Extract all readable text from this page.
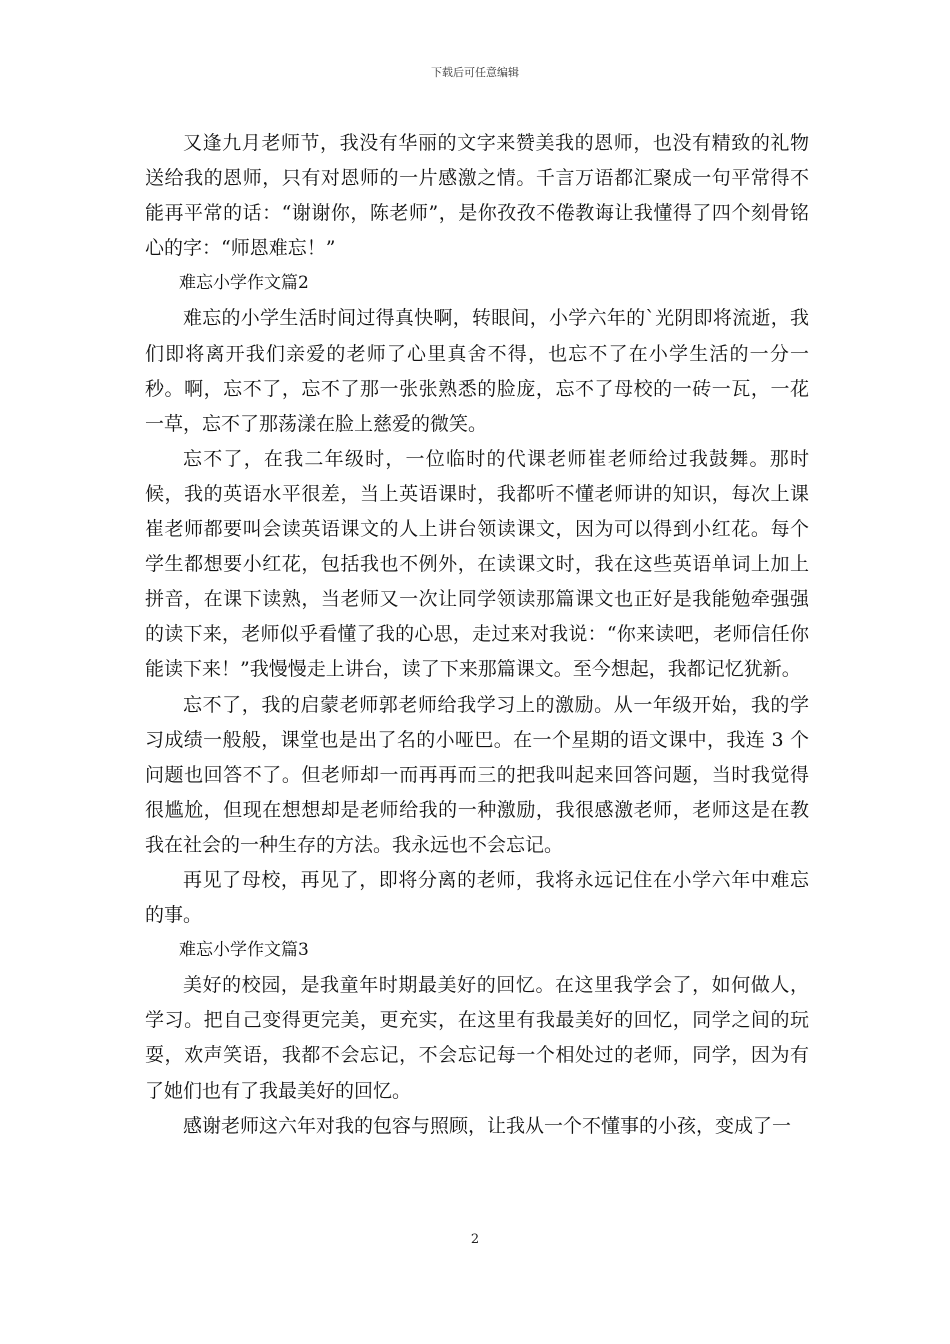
下载后可任意编辑

又逢九月老师节，我没有华丽的文字来赞美我的恩师，也没有精致的礼物送给我的恩师，只有对恩师的一片感激之情。千言万语都汇聚成一句平常得不能再平常的话：“谢谢你，陈老师”，是你孜孜不倦教诲让我懂得了四个刻骨铭心的字：“师恩难忘！”

难忘小学作文篇2

难忘的小学生活时间过得真快啊，转眼间，小学六年的`光阴即将流逝，我们即将离开我们亲爱的老师了心里真舍不得，也忘不了在小学生活的一分一秒。啊，忘不了，忘不了那一张张熟悉的脸庞，忘不了母校的一砖一瓦，一花一草，忘不了那荡漾在脸上慈爱的微笑。

忘不了，在我二年级时，一位临时的代课老师崔老师给过我鼓舞。那时候，我的英语水平很差，当上英语课时，我都听不懂老师讲的知识，每次上课崔老师都要叫会读英语课文的人上讲台领读课文，因为可以得到小红花。每个学生都想要小红花，包括我也不例外，在读课文时，我在这些英语单词上加上拼音，在课下读熟，当老师又一次让同学领读那篇课文也正好是我能勉牵强强的读下来，老师似乎看懂了我的心思，走过来对我说：“你来读吧，老师信任你能读下来！”我慢慢走上讲台，读了下来那篇课文。至今想起，我都记忆犹新。

忘不了，我的启蒙老师郭老师给我学习上的激励。从一年级开始，我的学习成绩一般般，课堂也是出了名的小哑巴。在一个星期的语文课中，我连 3 个问题也回答不了。但老师却一而再再而三的把我叫起来回答问题，当时我觉得很尴尬，但现在想想却是老师给我的一种激励，我很感激老师，老师这是在教我在社会的一种生存的方法。我永远也不会忘记。

再见了母校，再见了，即将分离的老师，我将永远记住在小学六年中难忘的事。

难忘小学作文篇3

美好的校园，是我童年时期最美好的回忆。在这里我学会了，如何做人，学习。把自己变得更完美，更充实，在这里有我最美好的回忆，同学之间的玩耍，欢声笑语，我都不会忘记，不会忘记每一个相处过的老师，同学，因为有了她们也有了我最美好的回忆。

感谢老师这六年对我的包容与照顾，让我从一个不懂事的小孩，变成了一

2
